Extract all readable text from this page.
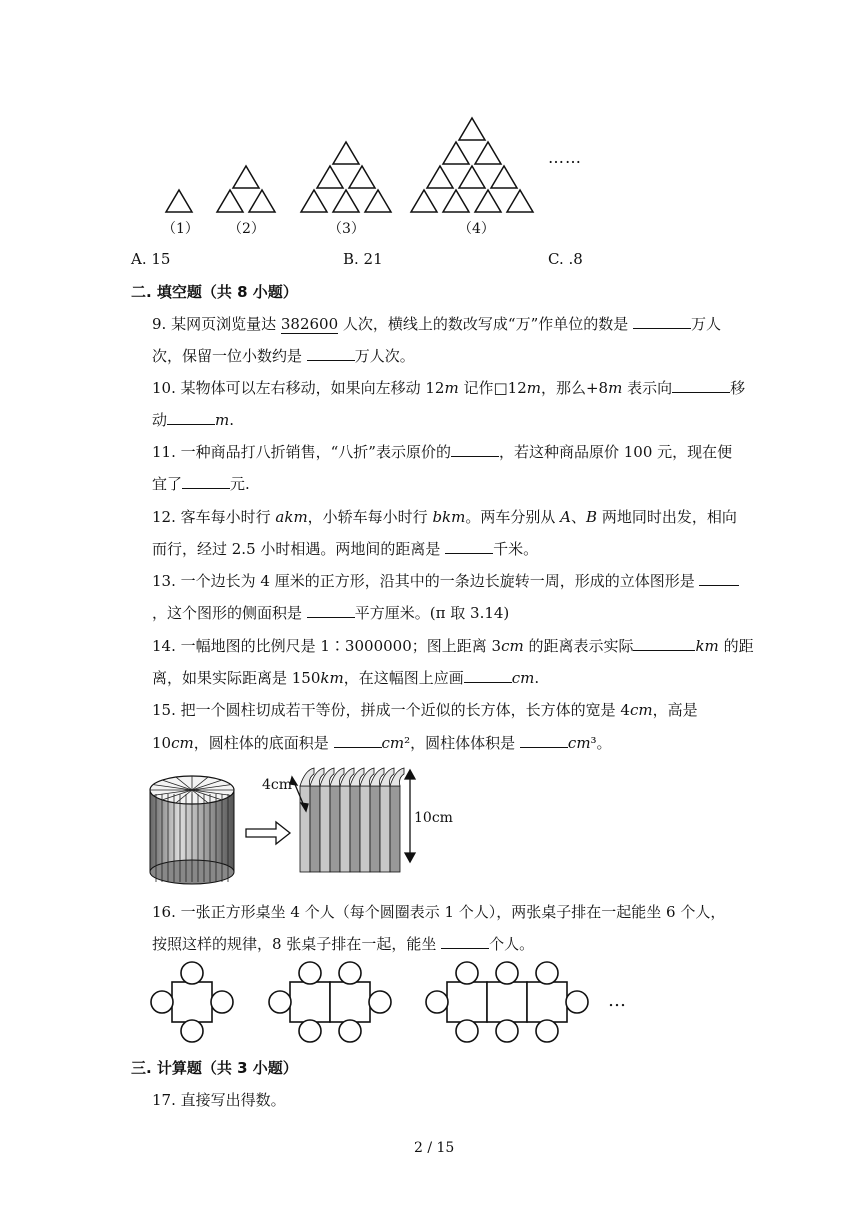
（1） （2）	（3）	（4）
……
A. 15	B. 21	C. .8
二. 填空题（共 8 小题）
9. 某网页浏览量达 382600 人次，横线上的数改写成“万”作单位的数是	万人
次，保留一位小数约是	万人次。
10. 某物体可以左右移动，如果向左移动 12m 记作□12m，那么+8m 表示向	移
动	m.
11. 一种商品打八折销售，“八折”表示原价的	，若这种商品原价 100 元，现在便
宜了	元.
12. 客车每小时行 akm，小轿车每小时行 bkm。两车分别从 A、B 两地同时出发，相向
而行，经过 2.5 小时相遇。两地间的距离是	千米。
13. 一个边长为 4 厘米的正方形，沿其中的一条边长旋转一周，形成的立体图形是
，这个图形的侧面积是	平方厘米。(π 取 3.14)
14. 一幅地图的比例尺是 1∶3000000；图上距离 3cm 的距离表示实际	km 的距
离，如果实际距离是 150km，在这幅图上应画	cm.
15. 把一个圆柱切成若干等份，拼成一个近似的长方体，长方体的宽是 4cm，高是
10cm，圆柱体的底面积是	cm²，圆柱体体积是	cm³。
4cm
10cm
16. 一张正方形桌坐 4 个人（每个圆圈表示 1 个人），两张桌子排在一起能坐 6 个人，
按照这样的规律，8 张桌子排在一起，能坐	个人。
…
三. 计算题（共 3 小题）
17. 直接写出得数。
2 / 15
